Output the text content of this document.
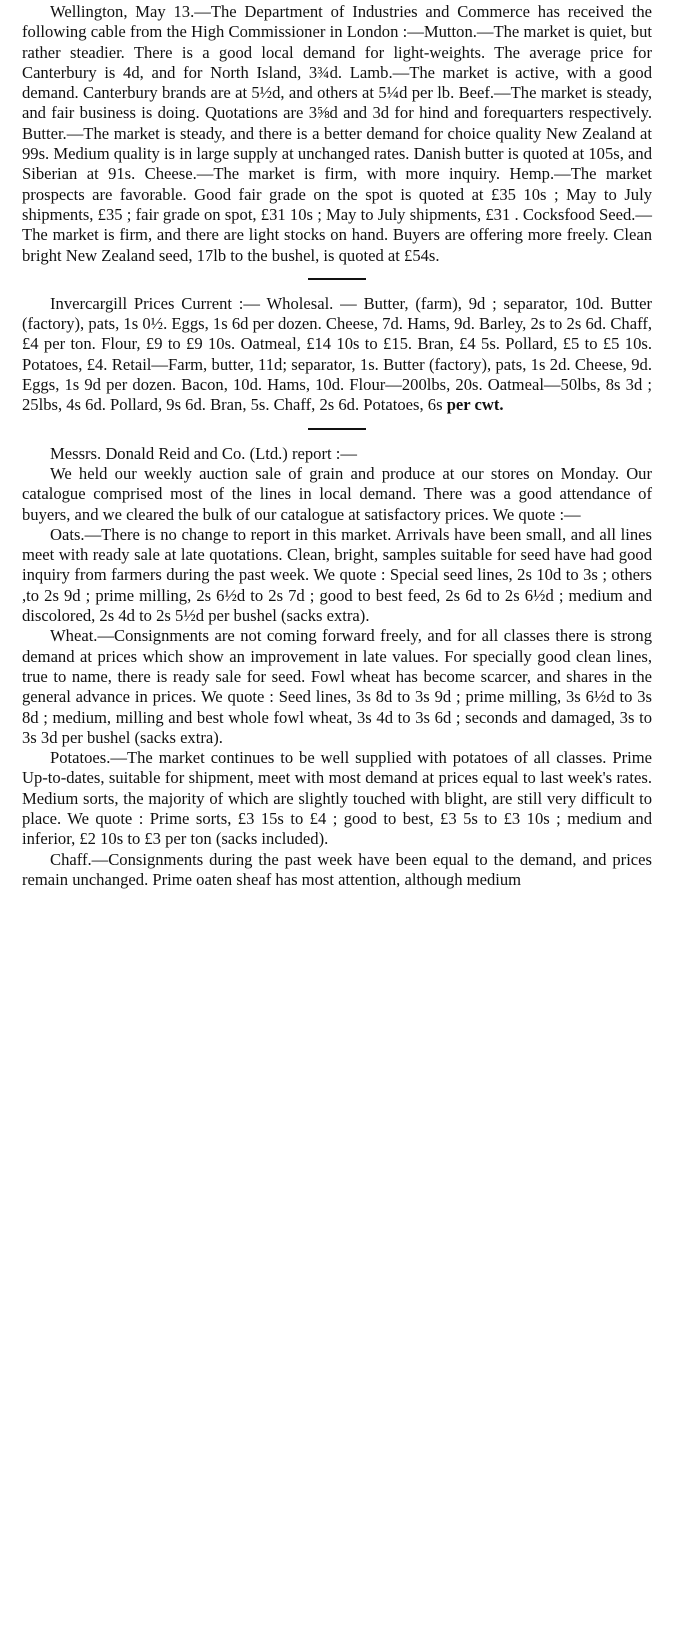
Wellington, May 13.—The Department of Industries and Commerce has received the following cable from the High Commissioner in London :—Mutton.—The market is quiet, but rather steadier. There is a good local demand for light-weights. The average price for Canterbury is 4d, and for North Island, 3¾d. Lamb.—The market is active, with a good demand. Canterbury brands are at 5½d, and others at 5¼d per lb. Beef.—The market is steady, and fair business is doing. Quotations are 3⅝d and 3d for hind and forequarters respectively. Butter.—The market is steady, and there is a better demand for choice quality New Zealand at 99s. Medium quality is in large supply at unchanged rates. Danish butter is quoted at 105s, and Siberian at 91s. Cheese.—The market is firm, with more inquiry. Hemp.—The market prospects are favorable. Good fair grade on the spot is quoted at £35 10s ; May to July shipments, £35 ; fair grade on spot, £31 10s ; May to July shipments, £31 . Cocksfood Seed.—The market is firm, and there are light stocks on hand. Buyers are offering more freely. Clean bright New Zealand seed, 17lb to the bushel, is quoted at £54s.

Invercargill Prices Current :— Wholesal. — Butter, (farm), 9d ; separator, 10d. Butter (factory), pats, 1s 0½. Eggs, 1s 6d per dozen. Cheese, 7d. Hams, 9d. Barley, 2s to 2s 6d. Chaff, £4 per ton. Flour, £9 to £9 10s. Oatmeal, £14 10s to £15. Bran, £4 5s. Pollard, £5 to £5 10s. Potatoes, £4. Retail—Farm, butter, 11d; separator, 1s. Butter (factory), pats, 1s 2d. Cheese, 9d. Eggs, 1s 9d per dozen. Bacon, 10d. Hams, 10d. Flour—200lbs, 20s. Oatmeal—50lbs, 8s 3d ; 25lbs, 4s 6d. Pollard, 9s 6d. Bran, 5s. Chaff, 2s 6d. Potatoes, 6s per cwt.

Messrs. Donald Reid and Co. (Ltd.) report :—

We held our weekly auction sale of grain and produce at our stores on Monday. Our catalogue comprised most of the lines in local demand. There was a good attendance of buyers, and we cleared the bulk of our catalogue at satisfactory prices. We quote :—

Oats.—There is no change to report in this market. Arrivals have been small, and all lines meet with ready sale at late quotations. Clean, bright, samples suitable for seed have had good inquiry from farmers during the past week. We quote : Special seed lines, 2s 10d to 3s ; others ,to 2s 9d ; prime milling, 2s 6½d to 2s 7d ; good to best feed, 2s 6d to 2s 6½d ; medium and discolored, 2s 4d to 2s 5½d per bushel (sacks extra).

Wheat.—Consignments are not coming forward freely, and for all classes there is strong demand at prices which show an improvement in late values. For specially good clean lines, true to name, there is ready sale for seed. Fowl wheat has become scarcer, and shares in the general advance in prices. We quote : Seed lines, 3s 8d to 3s 9d ; prime milling, 3s 6½d to 3s 8d ; medium, milling and best whole fowl wheat, 3s 4d to 3s 6d ; seconds and damaged, 3s to 3s 3d per bushel (sacks extra).

Potatoes.—The market continues to be well supplied with potatoes of all classes. Prime Up-to-dates, suitable for shipment, meet with most demand at prices equal to last week's rates. Medium sorts, the majority of which are slightly touched with blight, are still very difficult to place. We quote : Prime sorts, £3 15s to £4 ; good to best, £3 5s to £3 10s ; medium and inferior, £2 10s to £3 per ton (sacks included).

Chaff.—Consignments during the past week have been equal to the demand, and prices remain unchanged. Prime oaten sheaf has most attention, although medium
